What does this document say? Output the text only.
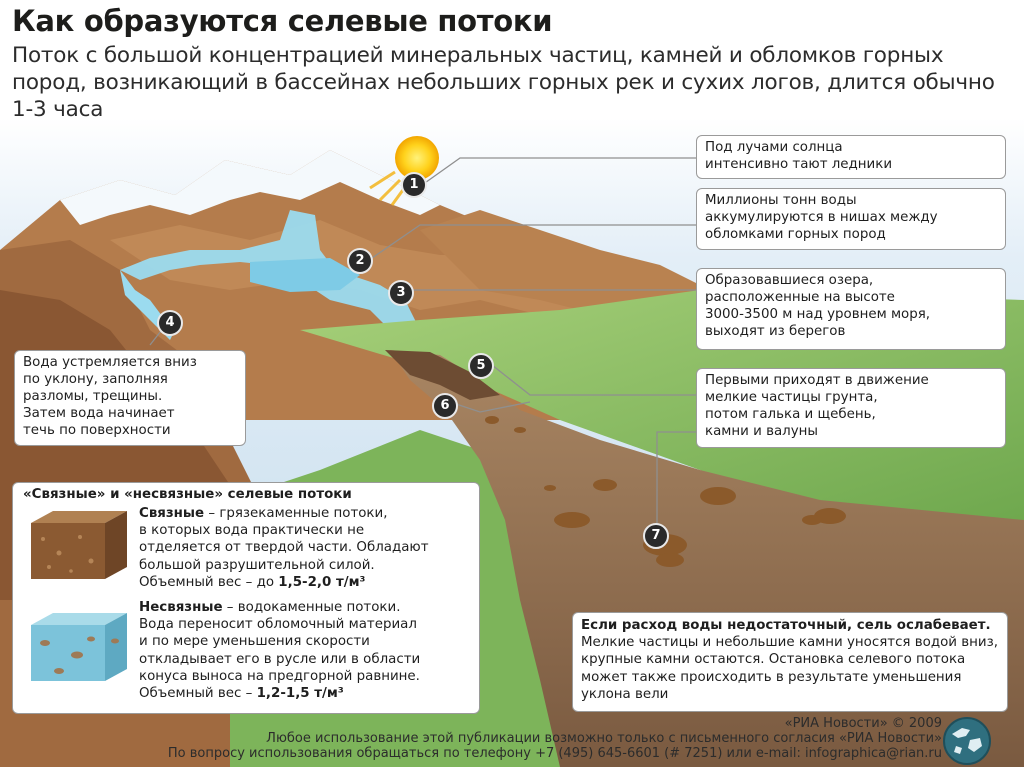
Как образуются селевые потоки
Поток с большой концентрацией минеральных частиц, камней и обломков горных пород, возникающий в бассейнах небольших горных рек и сухих логов, длится обычно 1-3 часа
1
2
3
4
5
6
7
Под лучами солнца
интенсивно тают ледники
Миллионы тонн воды
аккумулируются в нишах между
обломками горных пород
Образовавшиеся озера,
расположенные на высоте
3000-3500 м над уровнем моря,
выходят из берегов
Вода устремляется вниз
по уклону, заполняя
разломы, трещины.
Затем вода начинает
течь по поверхности
Первыми приходят в движение
мелкие частицы грунта,
потом галька и щебень,
камни и валуны
«Связные» и «несвязные» селевые потоки
Связные – грязекаменные потоки,
в которых вода практически не
отделяется от твердой части. Обладают
большой разрушительной силой.
Объемный вес – до 1,5-2,0 т/м³
Несвязные – водокаменные потоки.
Вода переносит обломочный материал
и по мере уменьшения скорости
откладывает его в русле или в области
конуса выноса на предгорной равнине.
Объемный вес – 1,2-1,5 т/м³
Если расход воды недостаточный, сель ослабевает. Мелкие частицы и небольшие камни уносятся водой вниз, крупные камни остаются. Остановка селевого потока может также происходить в результате уменьшения уклона вели
«РИА Новости» © 2009
Любое использование этой публикации возможно только с письменного согласия «РИА Новости»
По вопросу использования обращаться по телефону +7 (495) 645-6601 (# 7251) или e-mail: infographica@rian.ru
